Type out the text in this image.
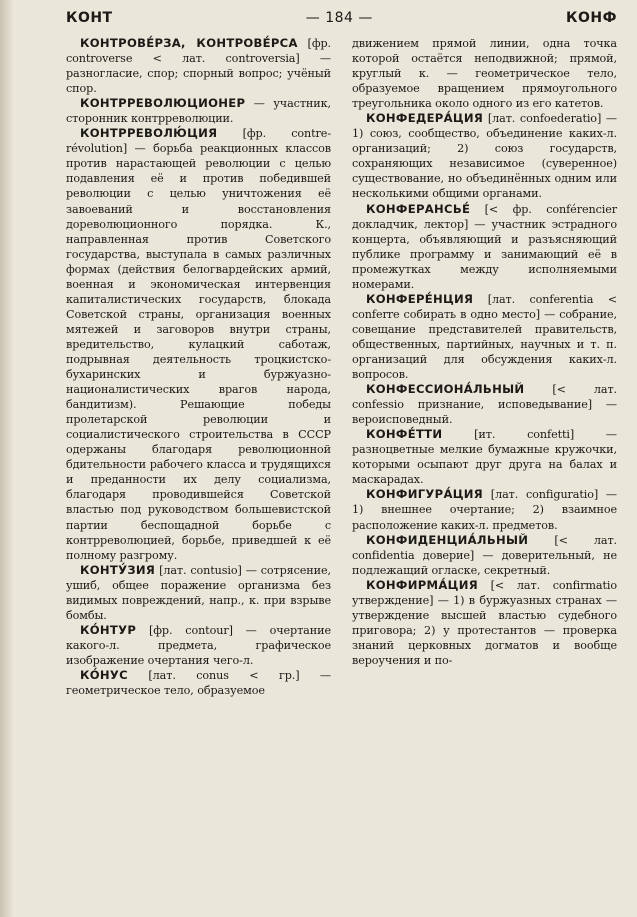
КОНТ	— 184 —	КОНФ

КОНТРОВЕ́РЗА, КОНТРОВЕ́РСА [фр. controverse < лат. controversia] — разногласие, спор; спорный вопрос; учёный спор.

КОНТРРЕВОЛЮЦИОНЕР — участник, сторонник контрреволюции.

КОНТРРЕВОЛЮ́ЦИЯ [фр. contre-révolution] — борьба реакционных классов против нарастающей революции с целью подавления её и против победившей революции с целью уничтожения её завоеваний и восстановления дореволюционного порядка. К., направленная против Советского государства, выступала в самых различных формах (действия белогвардейских армий, военная и экономическая интервенция капиталистических государств, блокада Советской страны, организация военных мятежей и заговоров внутри страны, вредительство, кулацкий саботаж, подрывная деятельность троцкистско-бухаринских и буржуазно-националистических врагов народа, бандитизм). Решающие победы пролетарской революции и социалистического строительства в СССР одержаны благодаря революционной бдительности рабочего класса и трудящихся и преданности их делу социализма, благодаря проводившейся Советской властью под руководством большевистской партии беспощадной борьбе с контрреволюцией, борьбе, приведшей к её полному разгрому.

КОНТУ́ЗИЯ [лат. contusio] — сотрясение, ушиб, общее поражение организма без видимых повреждений, напр., к. при взрыве бомбы.

КО́НТУР [фр. contour] — очертание какого-л. предмета, графическое изображение очертания чего-л.

КО́НУС [лат. conus < гр.] — геометрическое тело, образуемое

движением прямой линии, одна точка которой остаётся неподвижной; прямой, круглый к. — геометрическое тело, образуемое вращением прямоугольного треугольника около одного из его катетов.

КОНФЕДЕРА́ЦИЯ [лат. confoederatio] — 1) союз, сообщество, объединение каких-л. организаций; 2) союз государств, сохраняющих независимое (суверенное) существование, но объединённых одним или несколькими общими органами.

КОНФЕРАНСЬЕ́ [< фр. conférencier докладчик, лектор] — участник эстрадного концерта, объявляющий и разъясняющий публике программу и занимающий её в промежутках между исполняемыми номерами.

КОНФЕРЕ́НЦИЯ [лат. conferentia < conferre собирать в одно место] — собрание, совещание представителей правительств, общественных, партийных, научных и т. п. организаций для обсуждения каких-л. вопросов.

КОНФЕССИОНА́ЛЬНЫЙ [< лат. confessio признание, исповедывание] — вероисповедный.

КОНФЕ́ТТИ [ит. confetti] — разноцветные мелкие бумажные кружочки, которыми осыпают друг друга на балах и маскарадах.

КОНФИГУРА́ЦИЯ [лат. configuratio] — 1) внешнее очертание; 2) взаимное расположение каких-л. предметов.

КОНФИДЕНЦИА́ЛЬНЫЙ [< лат. confidentia доверие] — доверительный, не подлежащий огласке, секретный.

КОНФИРМА́ЦИЯ [< лат. confirmatio утверждение] — 1) в буржуазных странах — утверждение высшей властью судебного приговора; 2) у протестантов — проверка знаний церковных догматов и вообще вероучения и по-
